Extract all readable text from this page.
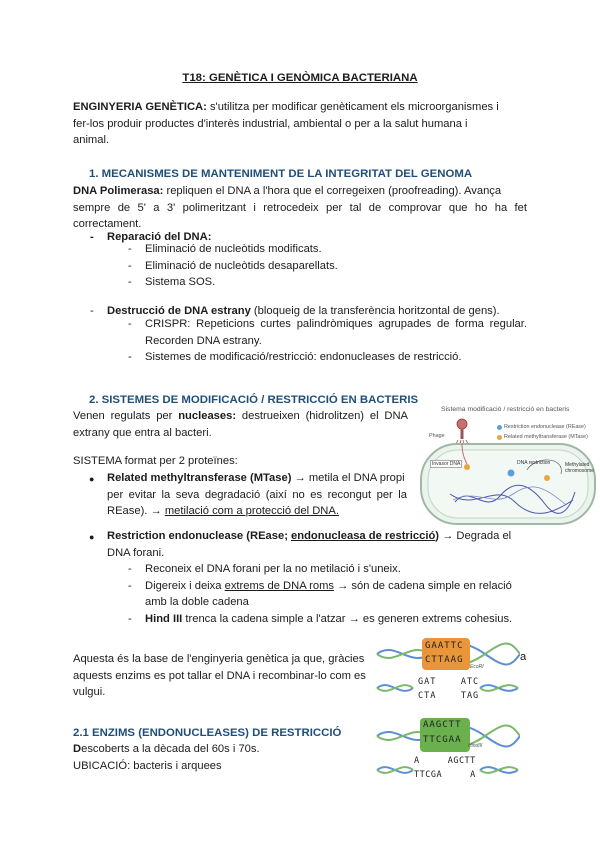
T18: GENÈTICA I GENÒMICA BACTERIANA

ENGINYERIA GENÈTICA: s'utilitza per modificar genèticament els microorganismes i

fer-los produir productes d'interès industrial, ambiental o per a la salut humana i

animal.

1. MECANISMES DE MANTENIMENT DE LA INTEGRITAT DEL GENOMA

DNA Polimerasa: repliquen el DNA a l'hora que el corregeixen (proofreading). Avança

sempre de 5' a 3' polimeritzant i retrocedeix per tal de comprovar que ho ha fet

correctament.

- Reparació del DNA:

- Eliminació de nucleòtids modificats.

- Eliminació de nucleòtids desaparellats.

- Sistema SOS.

- Destrucció de DNA estrany (bloqueig de la transferència horitzontal de gens).

- CRISPR: Repeticions curtes palindròmiques agrupades de forma regular.

Recorden DNA estrany.

- Sistemes de modificació/restricció: endonucleases de restricció.

2. SISTEMES DE MODIFICACIÓ / RESTRICCIÓ EN BACTERIS

Venen regulats per nucleases: destrueixen (hidrolitzen) el DNA

extrany que entra al bacteri.

SISTEMA format per 2 proteïnes:

● Related methyltransferase (MTase) → metila el DNA propi

per evitar la seva degradació (així no es recongut per la

REase). → metilació com a protecció del DNA.

● Restriction endonuclease (REase; endonucleasa de restricció) → Degrada el

DNA forani.

- Reconeix el DNA forani per la no metilació i s'uneix.

- Digereix i deixa extrems de DNA roms → són de cadena simple en relació

amb la doble cadena

- Hind III trenca la cadena simple a l'atzar → es generen extrems cohesius.

Aquesta és la base de l'enginyeria genètica ja que, gràcies

aquests enzims es pot tallar el DNA i recombinar-lo com es

vulgui.

a
2.1 ENZIMS (ENDONUCLEASES) DE RESTRICCIÓ

Descoberts a la dècada del 60s i 70s.

UBICACIÓ: bacteris i arquees

Sistema modificació / restricció en bacteris
Restriction endonuclease (REase)
Related methyltransferase (MTase)
Phage
Invasor DNA	DNA restriction	Methylated chromosome
GAATTC
CTTAAG
EcoRI
GAT    ATC
CTA    TAG
AAGCTT
TTCGAA
HindIII
A     AGCTT
TTCGA     A
